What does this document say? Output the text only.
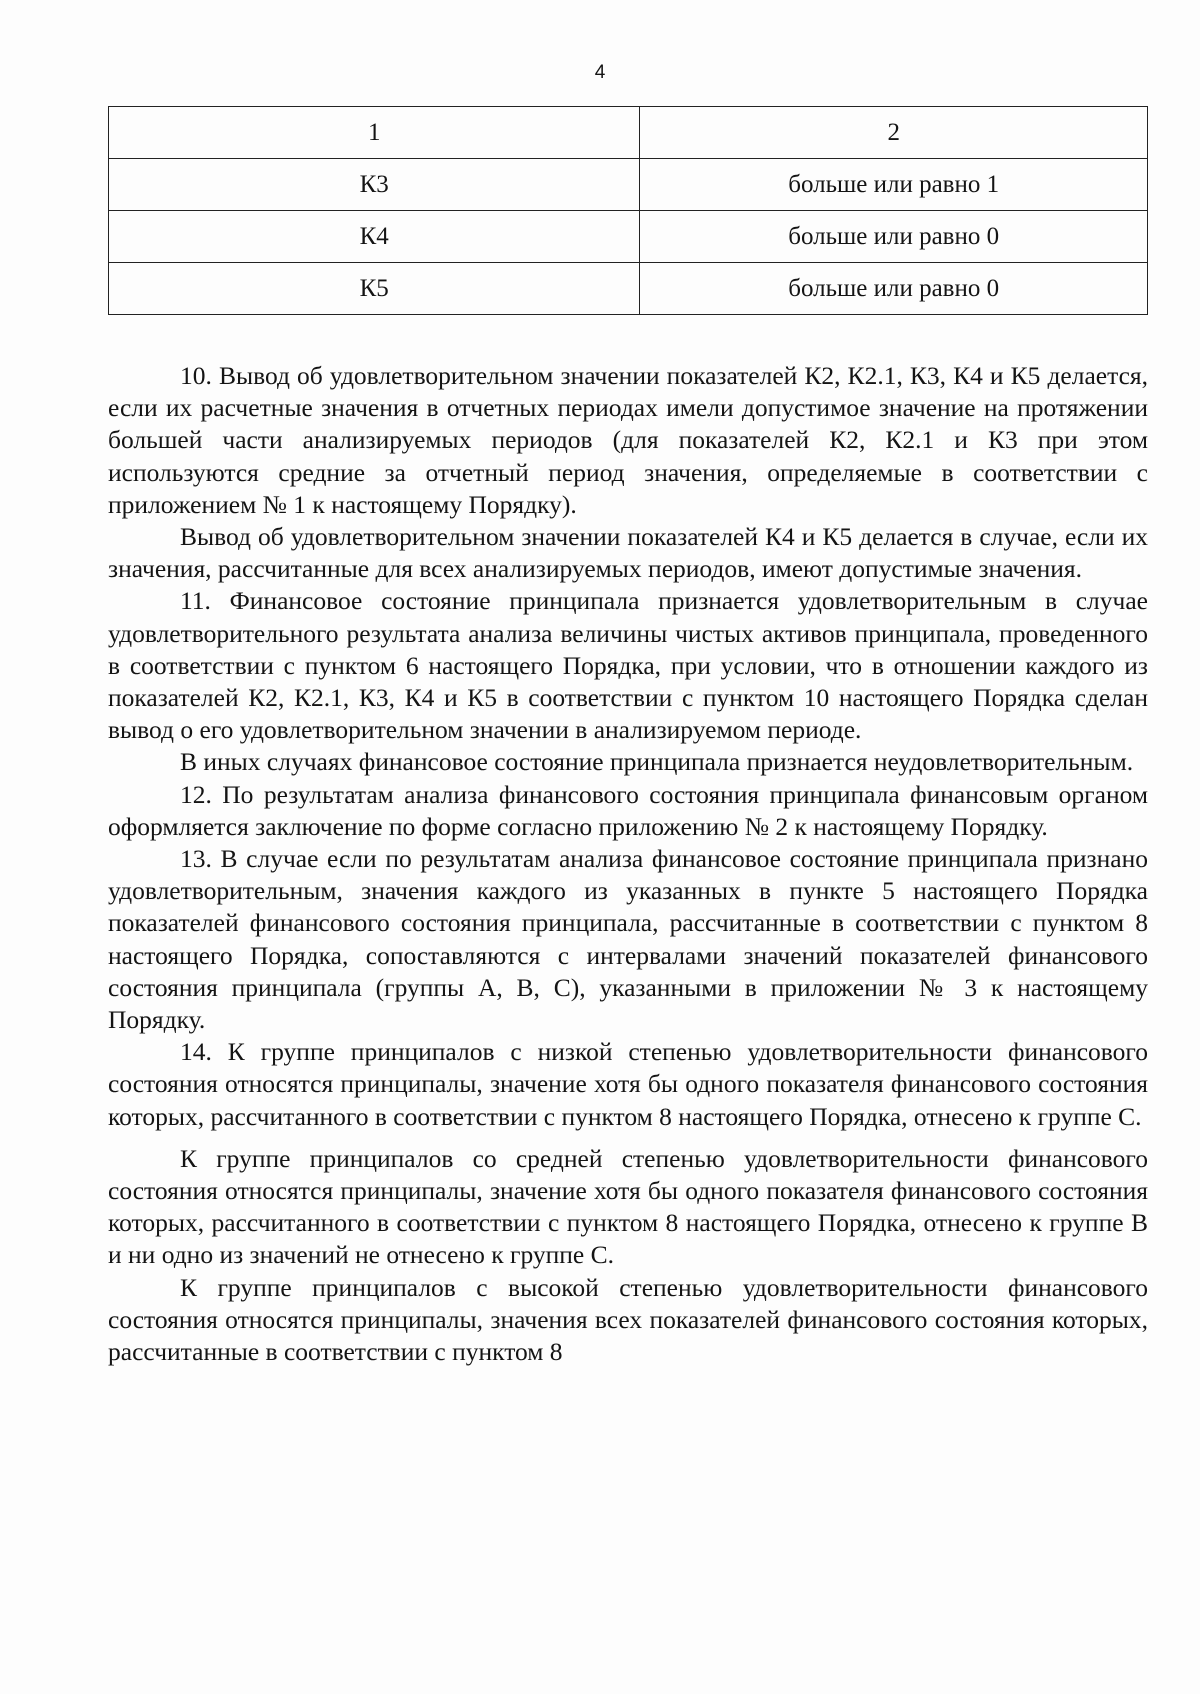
4
1	2
К3	больше или равно 1
К4	больше или равно 0
К5	больше или равно 0

10. Вывод об удовлетворительном значении показателей К2, К2.1, К3, К4 и К5 делается, если их расчетные значения в отчетных периодах имели допустимое значение на протяжении большей части анализируемых периодов (для показателей К2, К2.1 и К3 при этом используются средние за отчетный период значения, определяемые в соответствии с приложением № 1 к настоящему Порядку).

Вывод об удовлетворительном значении показателей К4 и К5 делается в случае, если их значения, рассчитанные для всех анализируемых периодов, имеют допустимые значения.

11. Финансовое состояние принципала признается удовлетворительным в случае удовлетворительного результата анализа величины чистых активов принципала, проведенного в соответствии с пунктом 6 настоящего Порядка, при условии, что в отношении каждого из показателей К2, К2.1, К3, К4 и К5 в соответствии с пунктом 10 настоящего Порядка сделан вывод о его удовлетворительном значении в анализируемом периоде.

В иных случаях финансовое состояние принципала признается неудовлетворительным.

12. По результатам анализа финансового состояния принципала финансовым органом оформляется заключение по форме согласно приложению № 2 к настоящему Порядку.

13. В случае если по результатам анализа финансовое состояние принципала признано удовлетворительным, значения каждого из указанных в пункте 5 настоящего Порядка показателей финансового состояния принципала, рассчитанные в соответствии с пунктом 8 настоящего Порядка, сопоставляются с интервалами значений показателей финансового состояния принципала (группы A, B, C), указанными в приложении № 3 к настоящему Порядку.

14. К группе принципалов с низкой степенью удовлетворительности финансового состояния относятся принципалы, значение хотя бы одного показателя финансового состояния которых, рассчитанного в соответствии с пунктом 8 настоящего Порядка, отнесено к группе C.

К группе принципалов со средней степенью удовлетворительности финансового состояния относятся принципалы, значение хотя бы одного показателя финансового состояния которых, рассчитанного в соответствии с пунктом 8 настоящего Порядка, отнесено к группе B и ни одно из значений не отнесено к группе C.

К группе принципалов с высокой степенью удовлетворительности финансового состояния относятся принципалы, значения всех показателей финансового состояния которых, рассчитанные в соответствии с пунктом 8
